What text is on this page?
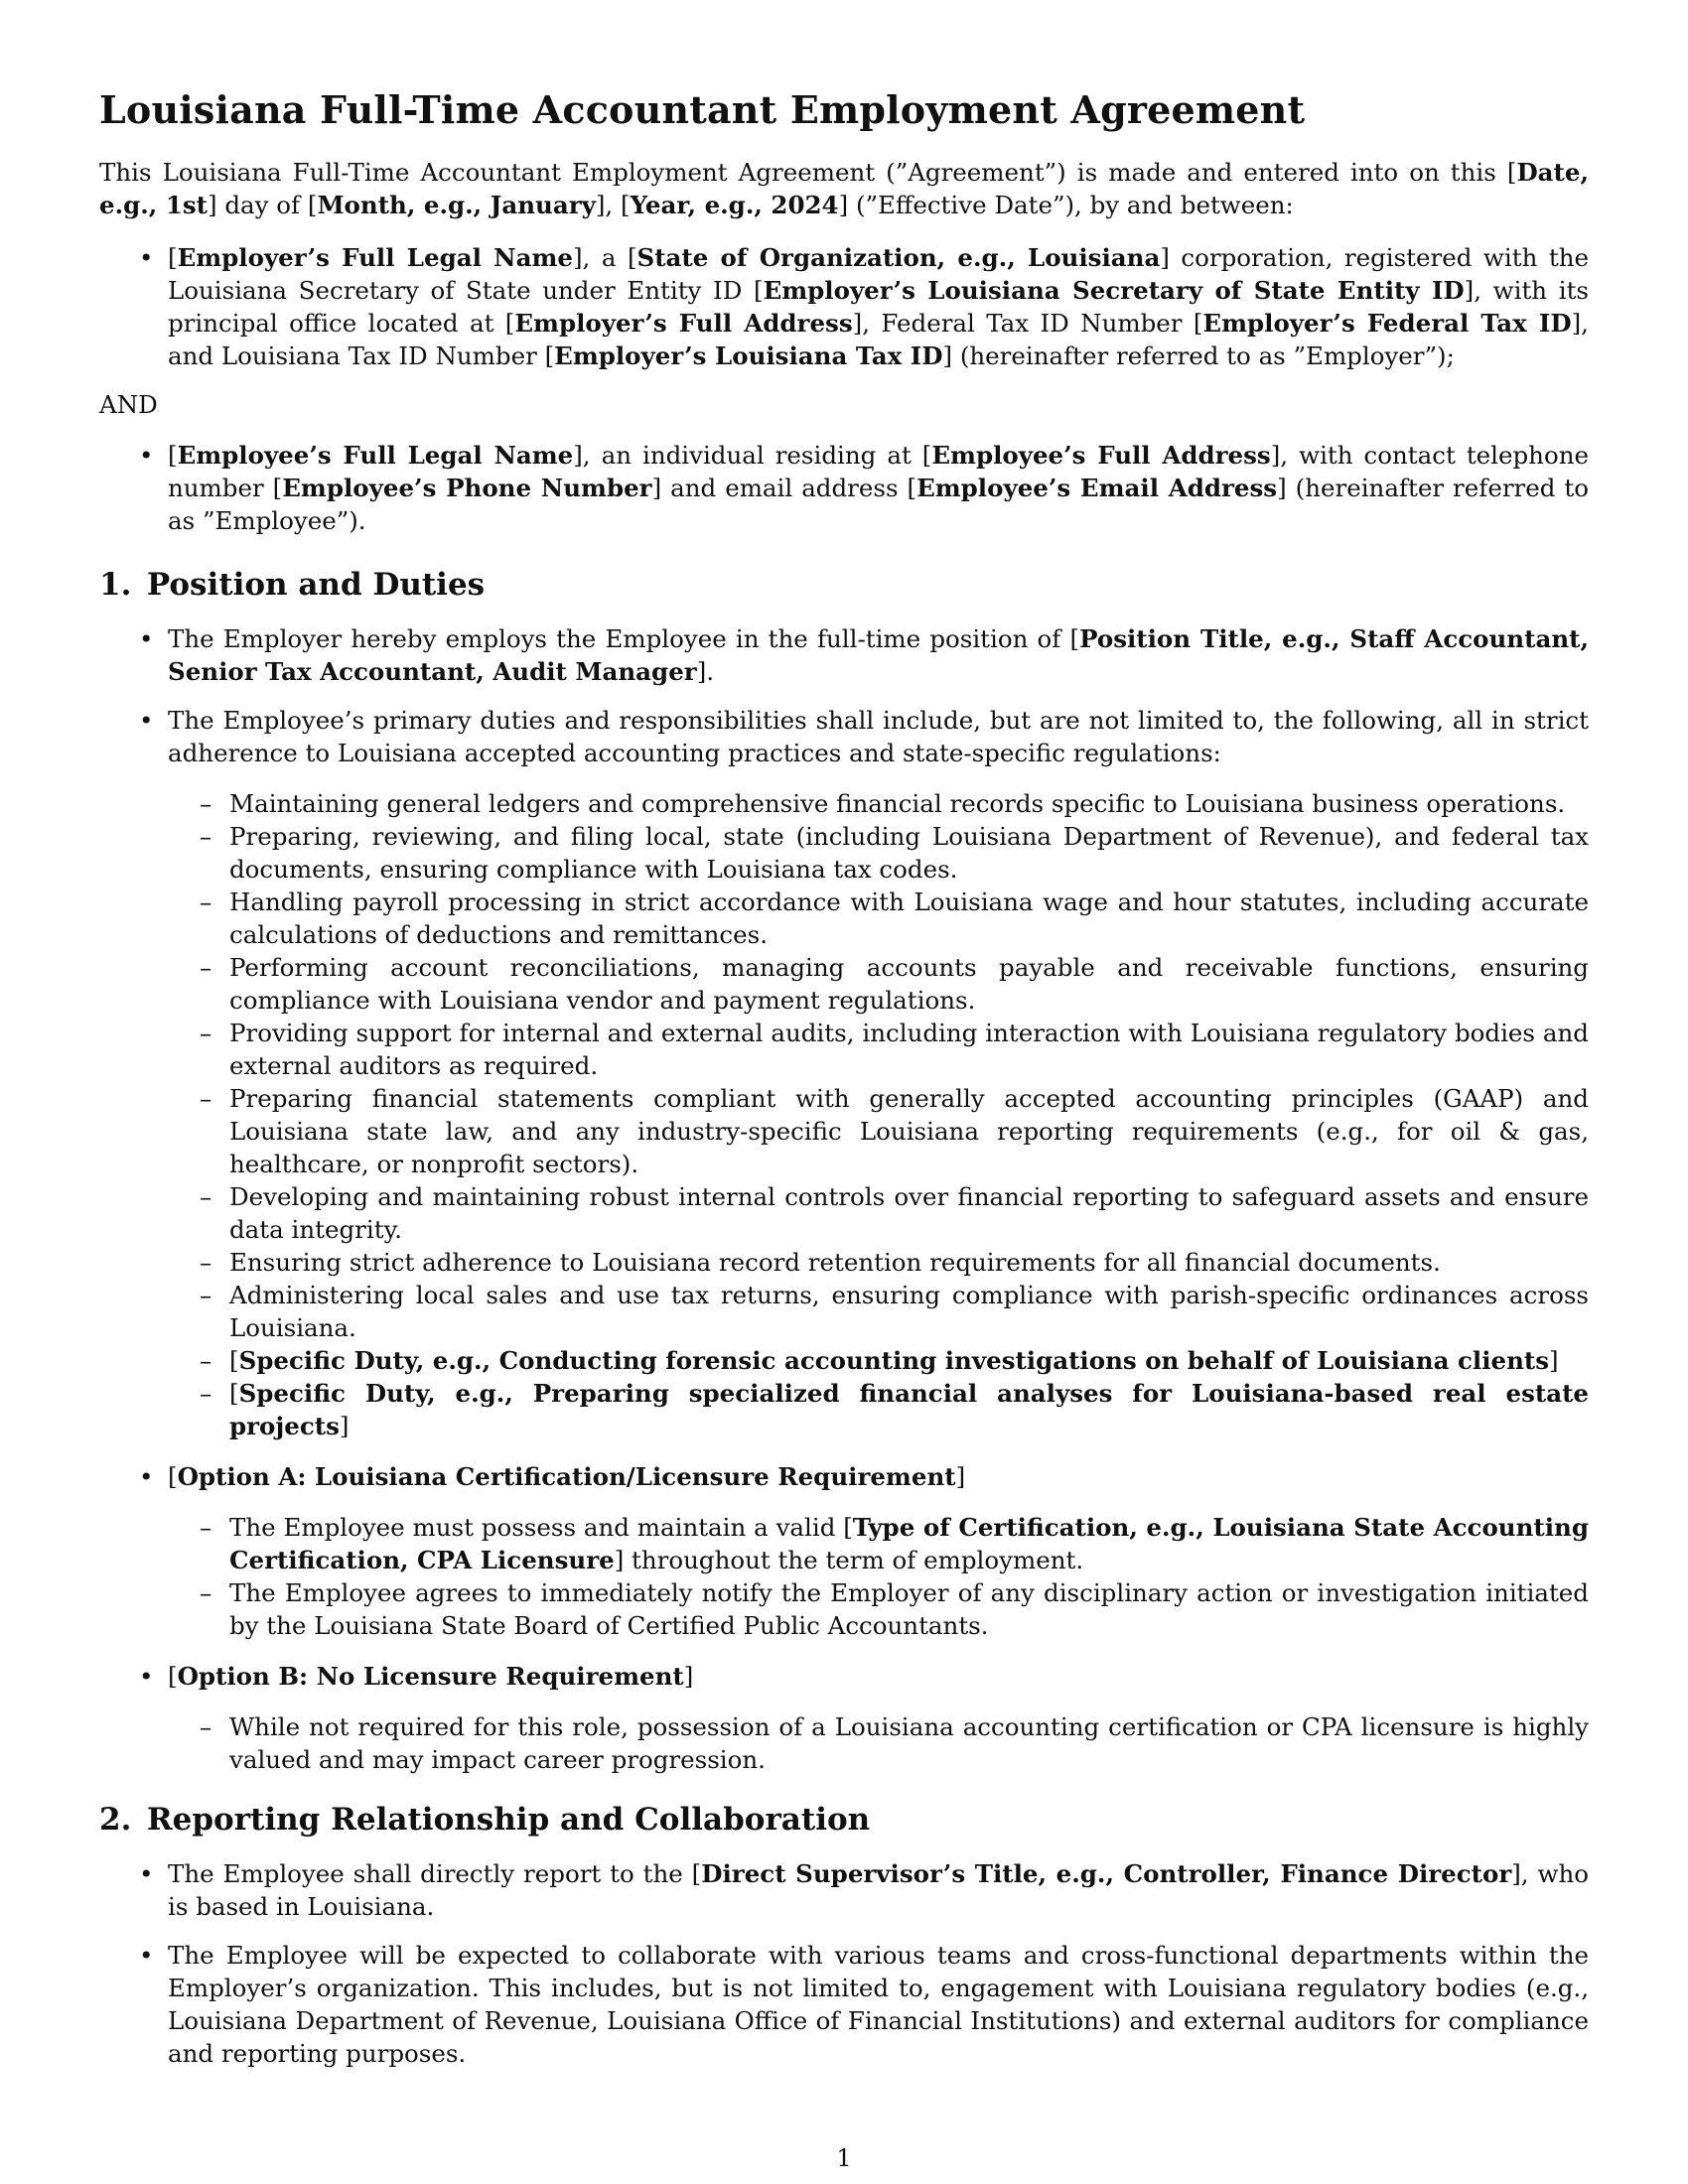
Louisiana Full-Time Accountant Employment Agreement

This Louisiana Full-Time Accountant Employment Agreement (”Agreement”) is made and entered into on this [Date, e.g., 1st] day of [Month, e.g., January], [Year, e.g., 2024] (”Effective Date”), by and between:

• [Employer’s Full Legal Name], a [State of Organization, e.g., Louisiana] corporation, registered with the Louisiana Secretary of State under Entity ID [Employer’s Louisiana Secretary of State Entity ID], with its principal office located at [Employer’s Full Address], Federal Tax ID Number [Employer’s Federal Tax ID], and Louisiana Tax ID Number [Employer’s Louisiana Tax ID] (hereinafter referred to as ”Employer”);

AND

• [Employee’s Full Legal Name], an individual residing at [Employee’s Full Address], with contact telephone number [Employee’s Phone Number] and email address [Employee’s Email Address] (hereinafter referred to as ”Employee”).
1. Position and Duties
• The Employer hereby employs the Employee in the full-time position of [Position Title, e.g., Staff Accountant, Senior Tax Accountant, Audit Manager].
• The Employee’s primary duties and responsibilities shall include, but are not limited to, the following, all in strict adherence to Louisiana accepted accounting practices and state-specific regulations:
– Maintaining general ledgers and comprehensive financial records specific to Louisiana business operations.
– Preparing, reviewing, and filing local, state (including Louisiana Department of Revenue), and federal tax documents, ensuring compliance with Louisiana tax codes.
– Handling payroll processing in strict accordance with Louisiana wage and hour statutes, including accurate calculations of deductions and remittances.
– Performing account reconciliations, managing accounts payable and receivable functions, ensuring compliance with Louisiana vendor and payment regulations.
– Providing support for internal and external audits, including interaction with Louisiana regulatory bodies and external auditors as required.
– Preparing financial statements compliant with generally accepted accounting principles (GAAP) and Louisiana state law, and any industry-specific Louisiana reporting requirements (e.g., for oil & gas, healthcare, or nonprofit sectors).
– Developing and maintaining robust internal controls over financial reporting to safeguard assets and ensure data integrity.
– Ensuring strict adherence to Louisiana record retention requirements for all financial documents.
– Administering local sales and use tax returns, ensuring compliance with parish-specific ordinances across Louisiana.
– [Specific Duty, e.g., Conducting forensic accounting investigations on behalf of Louisiana clients]
– [Specific Duty, e.g., Preparing specialized financial analyses for Louisiana-based real estate projects]
• [Option A: Louisiana Certification/Licensure Requirement]
– The Employee must possess and maintain a valid [Type of Certification, e.g., Louisiana State Accounting Certification, CPA Licensure] throughout the term of employment.
– The Employee agrees to immediately notify the Employer of any disciplinary action or investigation initiated by the Louisiana State Board of Certified Public Accountants.
• [Option B: No Licensure Requirement]
– While not required for this role, possession of a Louisiana accounting certification or CPA licensure is highly valued and may impact career progression.
2. Reporting Relationship and Collaboration
• The Employee shall directly report to the [Direct Supervisor’s Title, e.g., Controller, Finance Director], who is based in Louisiana.
• The Employee will be expected to collaborate with various teams and cross-functional departments within the Employer’s organization. This includes, but is not limited to, engagement with Louisiana regulatory bodies (e.g., Louisiana Department of Revenue, Louisiana Office of Financial Institutions) and external auditors for compliance and reporting purposes.
1
